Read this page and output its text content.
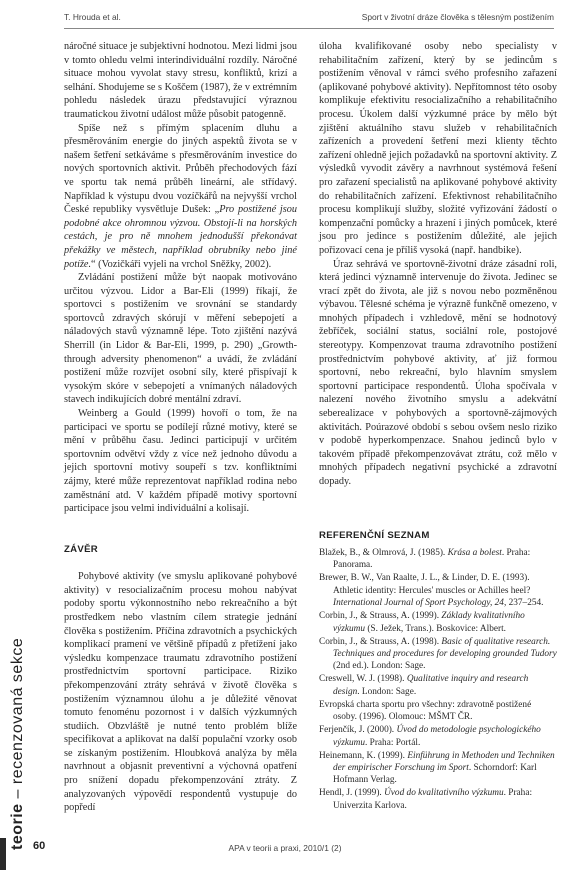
T. Hrouda et al.	Sport v životní dráze člověka s tělesným postižením
teorie – recenzovaná sekce

náročné situace je subjektivní hodnotou. Mezi lidmi jsou v tomto ohledu velmi interindividuální rozdíly. Náročné situace mohou vyvolat stavy stresu, konfliktů, krizí a selhání. Shodujeme se s Koščem (1987), že v extrémním pohledu následek úrazu představující výraznou traumatickou životní událost může působit patogenně.

Spíše než s přímým splacením dluhu a přesměrováním energie do jiných aspektů života se v našem šetření setkáváme s přesměrováním investice do nových sportovních aktivit. Průběh přechodových fází ve sportu tak nemá průběh lineární, ale střídavý. Například k výstupu dvou vozíčkářů na nejvyšší vrchol České republiky vysvětluje Dušek: „Pro postižené jsou podobné akce ohromnou výzvou. Obstojí-li na horských cestách, je pro ně mnohem jednodušší překonávat překážky ve městech, například obrubníky nebo jiné potíže.“ (Vozičkáři vyjeli na vrchol Sněžky, 2002).

Zvládání postižení může být naopak motivováno určitou výzvou. Lidor a Bar-Eli (1999) říkají, že sportovci s postižením ve srovnání se standardy sportovců zdravých skórují v měření sebepojetí a náladových stavů významně lépe. Toto zjištění nazývá Sherrill (in Lidor & Bar-Eli, 1999, p. 290) „Growth-through adversity phenomenon“ a uvádí, že zvládání postižení může rozvíjet osobní síly, které přispívají k vysokým skóre v sebepojetí a vnímaných náladových stavech indikujících dobré mentální zdraví.

Weinberg a Gould (1999) hovoří o tom, že na participaci ve sportu se podílejí různé motivy, které se mění v průběhu času. Jedinci participují v určitém sportovním odvětví vždy z více než jednoho důvodu a jejich sportovní motivy soupeří s tzv. konfliktními zájmy, které může reprezentovat například rodina nebo zaměstnání atd. V každém případě motivy sportovní participace jsou velmi individuální a kolisají.

ZÁVĚR

Pohybové aktivity (ve smyslu aplikované pohybové aktivity) v resocializačním procesu mohou nabývat podoby sportu výkonnostního nebo rekreačního a být prostředkem nebo vlastním cílem strategie jednání člověka s postižením. Příčina zdravotních a psychických komplikací pramení ve většině případů z přetížení jako výsledku kompenzace traumatu zdravotního postižení prostřednictvím sportovní participace. Riziko překompenzování ztráty sehrává v životě člověka s postižením významnou úlohu a je důležité věnovat tomuto fenoménu pozornost i v dalších výzkumných studiích. Obzvláště je nutné tento problém blíže specifikovat a aplikovat na další populační vzorky osob se získaným postižením. Hloubková analýza by měla navrhnout a objasnit preventivní a výchovná opatření pro snížení dopadu překompenzování ztráty. Z analyzovaných výpovědí respondentů vystupuje do popředí

úloha kvalifikované osoby nebo specialisty v rehabilitačním zařízení, který by se jedincům s postižením věnoval v rámci svého profesního zařazení (aplikované pohybové aktivity). Nepřítomnost této osoby komplikuje efektivitu resocializačního a rehabilitačního procesu. Úkolem další výzkumné práce by mělo být zjištění aktuálního stavu služeb v rehabilitačních zařízeních a provedení šetření mezi klienty těchto zařízení ohledně jejich požadavků na sportovní aktivity. Z výsledků vyvodit závěry a navrhnout systémová řešení pro zařazení specialistů na aplikované pohybové aktivity do rehabilitačních zařízení. Efektivnost rehabilitačního procesu komplikují služby, složité vyřizování žádostí o kompenzační pomůcky a hrazení i jiných pomůcek, které jsou pro jedince s postižením důležité, ale jejich pořizovací cena je příliš vysoká (např. handbike).

Úraz sehrává ve sportovně-životní dráze zásadní roli, která jedinci významně intervenuje do života. Jedinec se vrací zpět do života, ale již s novou nebo pozměněnou výbavou. Tělesné schéma je výrazně funkčně omezeno, v mnohých případech i vzhledově, mění se hodnotový žebříček, sociální status, sociální role, postojové stereotypy. Kompenzovat trauma zdravotního postižení prostřednictvím pohybové aktivity, ať již formou sportovní, nebo rekreační, bylo hlavním smyslem sportovní participace respondentů. Úloha spočívala v nalezení nového životního smyslu a adekvátní seberealizace v pohybových a sportovně-zájmových aktivitách. Poúrazové období s sebou ovšem neslo riziko v podobě hyperkompenzace. Snahou jedinců bylo v takovém případě překompenzovávat ztrátu, což mělo v mnohých případech negativní psychické a zdravotní dopady.

REFERENČNÍ SEZNAM
Blažek, B., & Olmrová, J. (1985). Krása a bolest. Praha: Panorama.
Brewer, B. W., Van Raalte, J. L., & Linder, D. E. (1993). Athletic identity: Hercules' muscles or Achilles heel? International Journal of Sport Psychology, 24, 237–254.
Corbin, J., & Strauss, A. (1999). Základy kvalitativního výzkumu (S. Ježek, Trans.). Boskovice: Albert.
Corbin, J., & Strauss, A. (1998). Basic of qualitative research. Techniques and procedures for developing grounded Tudory (2nd ed.). London: Sage.
Creswell, W. J. (1998). Qualitative inquiry and research design. London: Sage.
Evropská charta sportu pro všechny: zdravotně postižené osoby. (1996). Olomouc: MŠMT ČR.
Ferjenčík, J. (2000). Úvod do metodologie psychologického výzkumu. Praha: Portál.
Heinemann, K. (1999). Einführung in Methoden und Techniken der empirischer Forschung im Sport. Schorndorf: Karl Hofmann Verlag.
Hendl, J. (1999). Úvod do kvalitativního výzkumu. Praha: Univerzita Karlova.
60	APA v teorii a praxi, 2010/1 (2)
